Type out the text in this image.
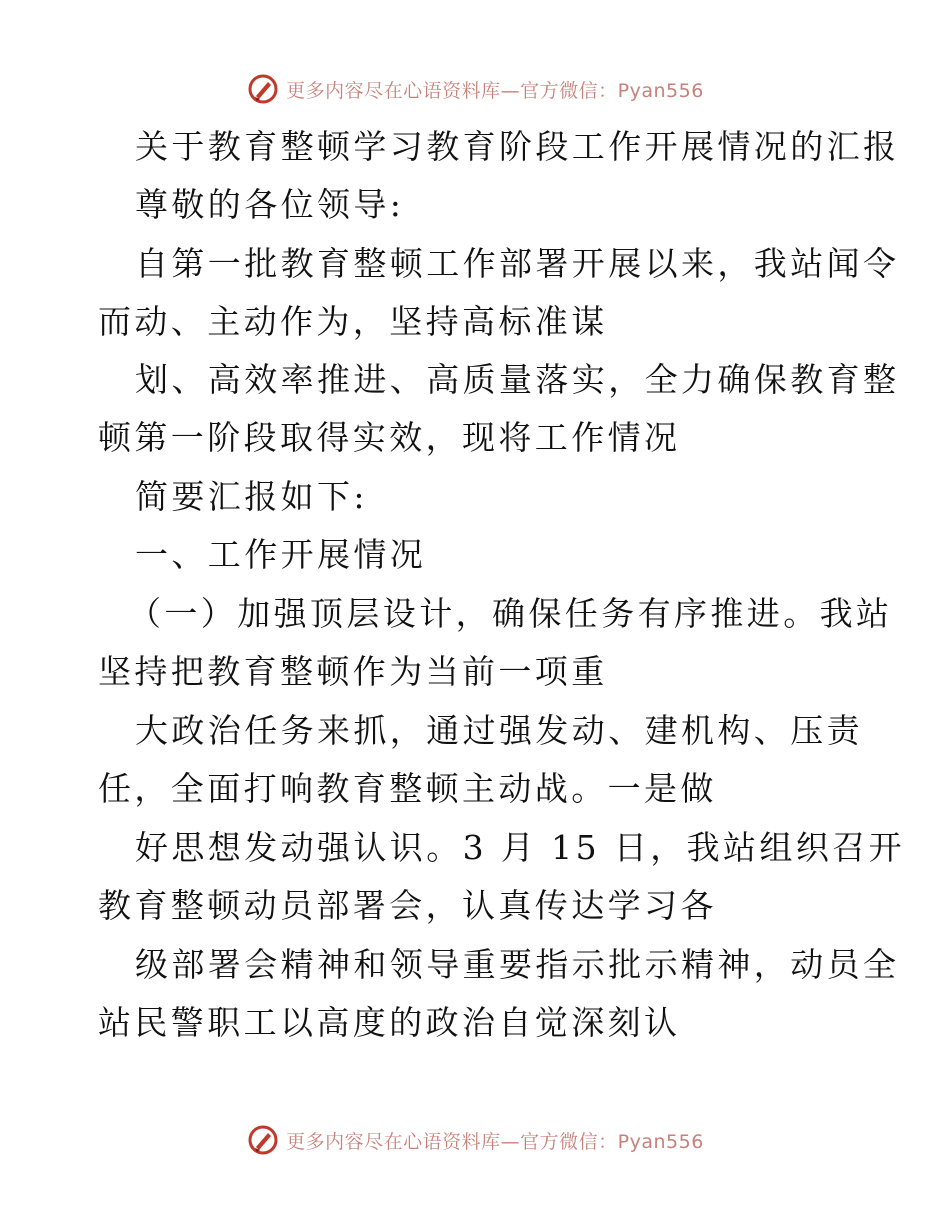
更多内容尽在心语资料库—官方微信：Pyan556
关于教育整顿学习教育阶段工作开展情况的汇报
尊敬的各位领导:
自第一批教育整顿工作部署开展以来，我站闻令
而动、主动作为，坚持高标准谋
划、高效率推进、高质量落实，全力确保教育整
顿第一阶段取得实效，现将工作情况
简要汇报如下:
一、工作开展情况
（一）加强顶层设计，确保任务有序推进。我站
坚持把教育整顿作为当前一项重
大政治任务来抓，通过强发动、建机构、压责
任，全面打响教育整顿主动战。一是做
好思想发动强认识。3 月 15 日，我站组织召开
教育整顿动员部署会，认真传达学习各
级部署会精神和领导重要指示批示精神，动员全
站民警职工以高度的政治自觉深刻认
更多内容尽在心语资料库—官方微信：Pyan556
